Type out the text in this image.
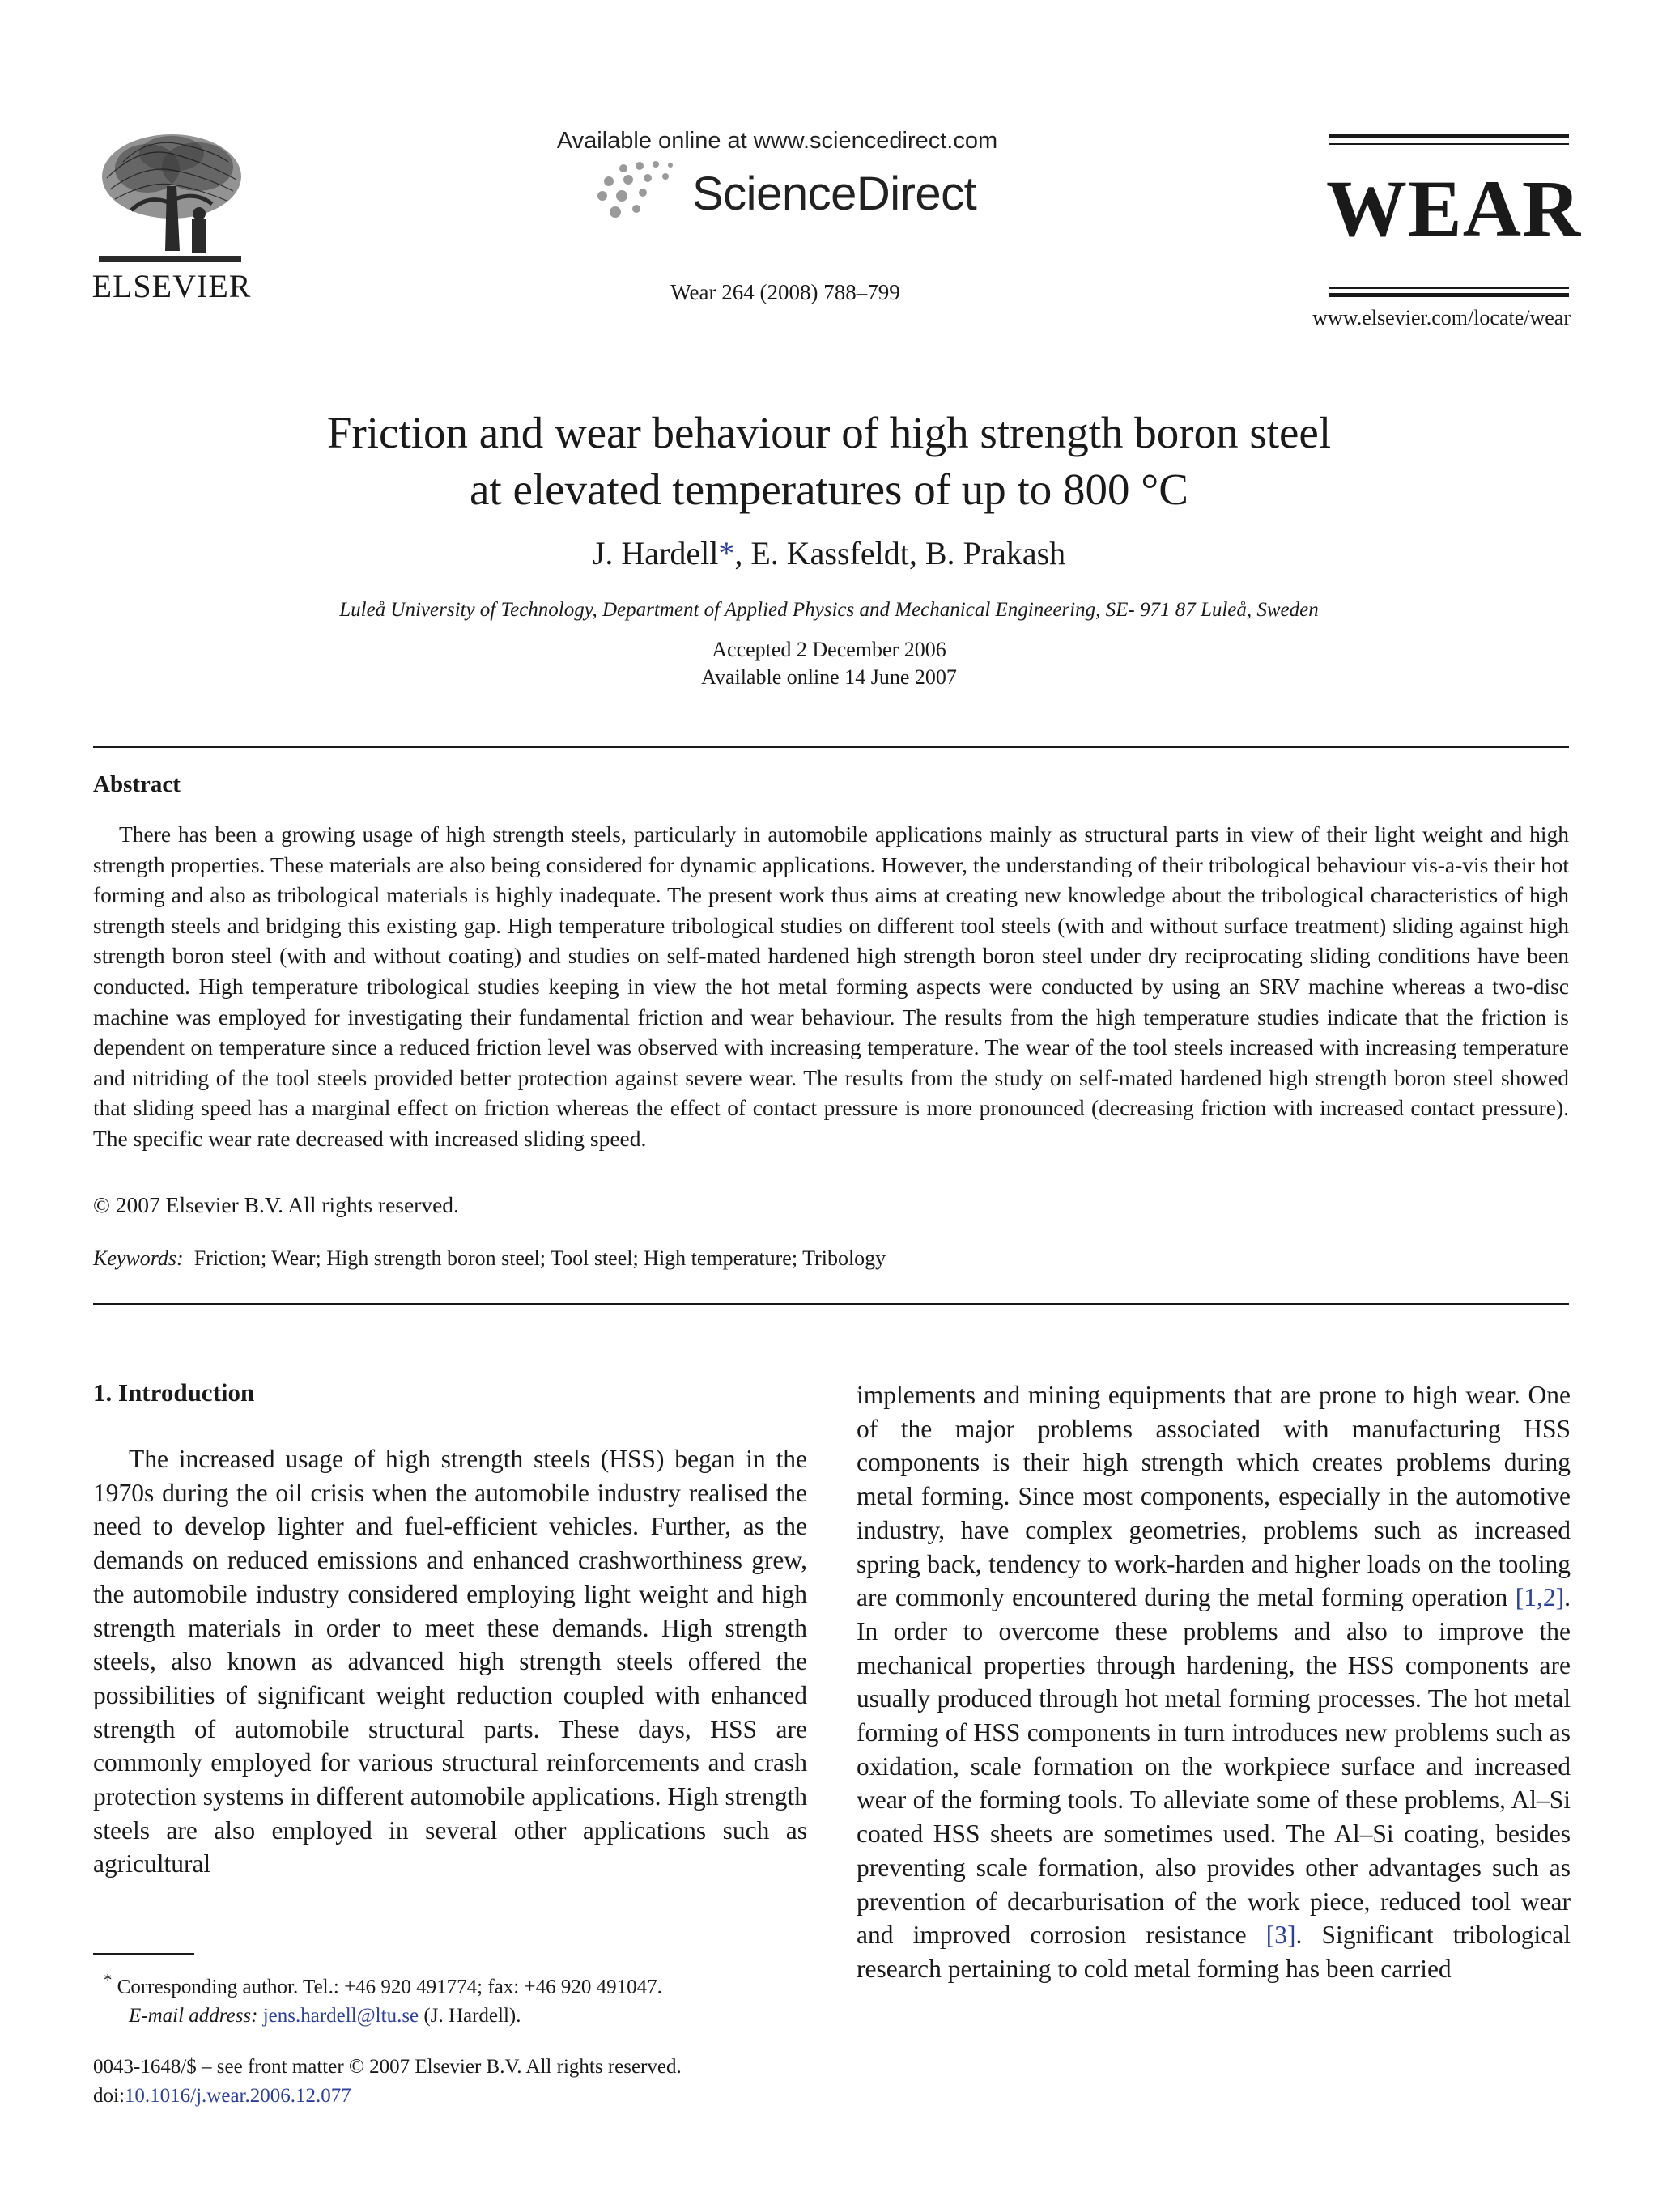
ELSEVIER
Available online at www.sciencedirect.com
ScienceDirect
Wear 264 (2008) 788–799
WEAR
www.elsevier.com/locate/wear
Friction and wear behaviour of high strength boron steel
at elevated temperatures of up to 800 °C
J. Hardell*, E. Kassfeldt, B. Prakash
Luleå University of Technology, Department of Applied Physics and Mechanical Engineering, SE- 971 87 Luleå, Sweden
Accepted 2 December 2006
Available online 14 June 2007
Abstract
There has been a growing usage of high strength steels, particularly in automobile applications mainly as structural parts in view of their light weight and high strength properties. These materials are also being considered for dynamic applications. However, the understanding of their tribological behaviour vis-a-vis their hot forming and also as tribological materials is highly inadequate. The present work thus aims at creating new knowledge about the tribological characteristics of high strength steels and bridging this existing gap. High temperature tribological studies on different tool steels (with and without surface treatment) sliding against high strength boron steel (with and without coating) and studies on self-mated hardened high strength boron steel under dry reciprocating sliding conditions have been conducted. High temperature tribological studies keeping in view the hot metal forming aspects were conducted by using an SRV machine whereas a two-disc machine was employed for investigating their fundamental friction and wear behaviour. The results from the high temperature studies indicate that the friction is dependent on temperature since a reduced friction level was observed with increasing temperature. The wear of the tool steels increased with increasing temperature and nitriding of the tool steels provided better protection against severe wear. The results from the study on self-mated hardened high strength boron steel showed that sliding speed has a marginal effect on friction whereas the effect of contact pressure is more pronounced (decreasing friction with increased contact pressure). The specific wear rate decreased with increased sliding speed.
© 2007 Elsevier B.V. All rights reserved.
Keywords: Friction; Wear; High strength boron steel; Tool steel; High temperature; Tribology
1. Introduction
The increased usage of high strength steels (HSS) began in the 1970s during the oil crisis when the automobile industry realised the need to develop lighter and fuel-efficient vehicles. Further, as the demands on reduced emissions and enhanced crashworthiness grew, the automobile industry considered employing light weight and high strength materials in order to meet these demands. High strength steels, also known as advanced high strength steels offered the possibilities of significant weight reduction coupled with enhanced strength of automobile structural parts. These days, HSS are commonly employed for various structural reinforcements and crash protection systems in different automobile applications. High strength steels are also employed in several other applications such as agricultural
implements and mining equipments that are prone to high wear. One of the major problems associated with manufacturing HSS components is their high strength which creates problems during metal forming. Since most components, especially in the automotive industry, have complex geometries, problems such as increased spring back, tendency to work-harden and higher loads on the tooling are commonly encountered during the metal forming operation [1,2]. In order to overcome these problems and also to improve the mechanical properties through hardening, the HSS components are usually produced through hot metal forming processes. The hot metal forming of HSS components in turn introduces new problems such as oxidation, scale formation on the workpiece surface and increased wear of the forming tools. To alleviate some of these problems, Al–Si coated HSS sheets are sometimes used. The Al–Si coating, besides preventing scale formation, also provides other advantages such as prevention of decarburisation of the work piece, reduced tool wear and improved corrosion resistance [3]. Significant tribological research pertaining to cold metal forming has been carried
* Corresponding author. Tel.: +46 920 491774; fax: +46 920 491047.
E-mail address: jens.hardell@ltu.se (J. Hardell).
0043-1648/$ – see front matter © 2007 Elsevier B.V. All rights reserved.
doi:10.1016/j.wear.2006.12.077
